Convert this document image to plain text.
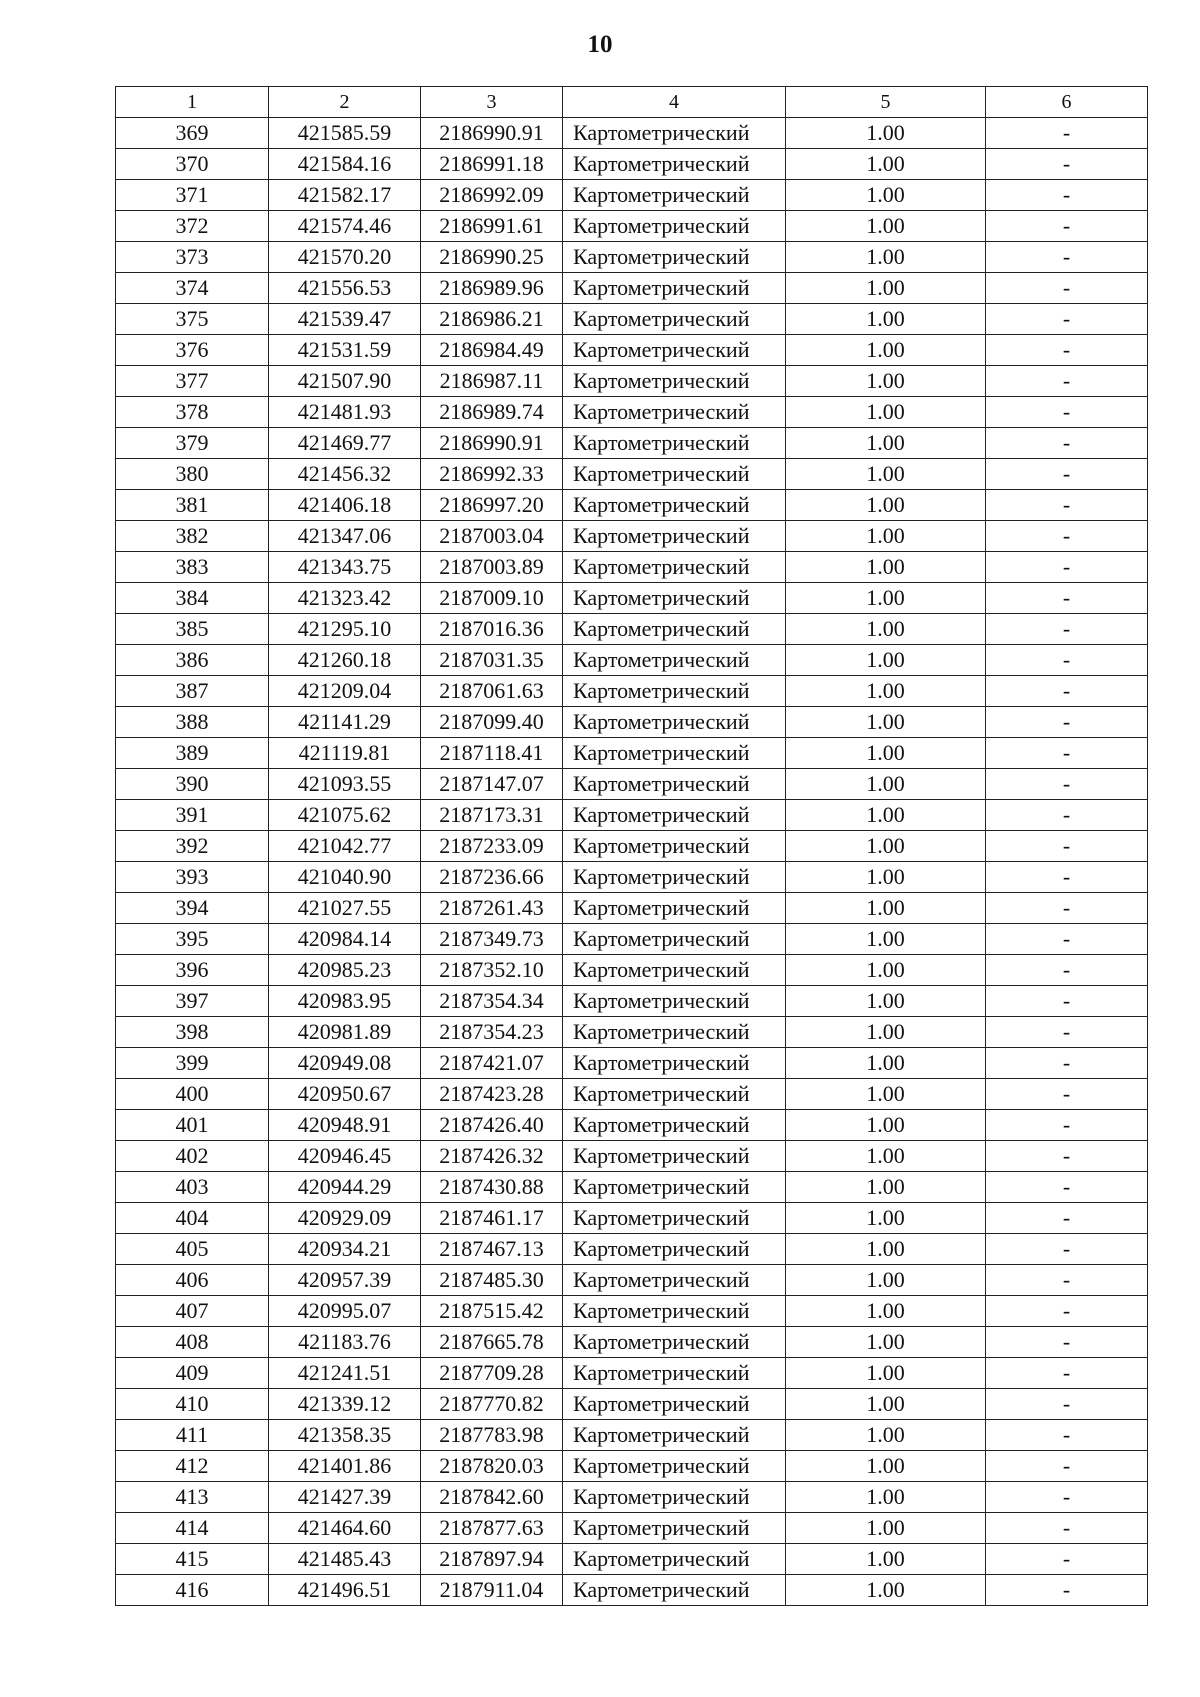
10
1	2	3	4	5	6
369	421585.59	2186990.91	Картометрический	1.00	-
370	421584.16	2186991.18	Картометрический	1.00	-
371	421582.17	2186992.09	Картометрический	1.00	-
372	421574.46	2186991.61	Картометрический	1.00	-
373	421570.20	2186990.25	Картометрический	1.00	-
374	421556.53	2186989.96	Картометрический	1.00	-
375	421539.47	2186986.21	Картометрический	1.00	-
376	421531.59	2186984.49	Картометрический	1.00	-
377	421507.90	2186987.11	Картометрический	1.00	-
378	421481.93	2186989.74	Картометрический	1.00	-
379	421469.77	2186990.91	Картометрический	1.00	-
380	421456.32	2186992.33	Картометрический	1.00	-
381	421406.18	2186997.20	Картометрический	1.00	-
382	421347.06	2187003.04	Картометрический	1.00	-
383	421343.75	2187003.89	Картометрический	1.00	-
384	421323.42	2187009.10	Картометрический	1.00	-
385	421295.10	2187016.36	Картометрический	1.00	-
386	421260.18	2187031.35	Картометрический	1.00	-
387	421209.04	2187061.63	Картометрический	1.00	-
388	421141.29	2187099.40	Картометрический	1.00	-
389	421119.81	2187118.41	Картометрический	1.00	-
390	421093.55	2187147.07	Картометрический	1.00	-
391	421075.62	2187173.31	Картометрический	1.00	-
392	421042.77	2187233.09	Картометрический	1.00	-
393	421040.90	2187236.66	Картометрический	1.00	-
394	421027.55	2187261.43	Картометрический	1.00	-
395	420984.14	2187349.73	Картометрический	1.00	-
396	420985.23	2187352.10	Картометрический	1.00	-
397	420983.95	2187354.34	Картометрический	1.00	-
398	420981.89	2187354.23	Картометрический	1.00	-
399	420949.08	2187421.07	Картометрический	1.00	-
400	420950.67	2187423.28	Картометрический	1.00	-
401	420948.91	2187426.40	Картометрический	1.00	-
402	420946.45	2187426.32	Картометрический	1.00	-
403	420944.29	2187430.88	Картометрический	1.00	-
404	420929.09	2187461.17	Картометрический	1.00	-
405	420934.21	2187467.13	Картометрический	1.00	-
406	420957.39	2187485.30	Картометрический	1.00	-
407	420995.07	2187515.42	Картометрический	1.00	-
408	421183.76	2187665.78	Картометрический	1.00	-
409	421241.51	2187709.28	Картометрический	1.00	-
410	421339.12	2187770.82	Картометрический	1.00	-
411	421358.35	2187783.98	Картометрический	1.00	-
412	421401.86	2187820.03	Картометрический	1.00	-
413	421427.39	2187842.60	Картометрический	1.00	-
414	421464.60	2187877.63	Картометрический	1.00	-
415	421485.43	2187897.94	Картометрический	1.00	-
416	421496.51	2187911.04	Картометрический	1.00	-
